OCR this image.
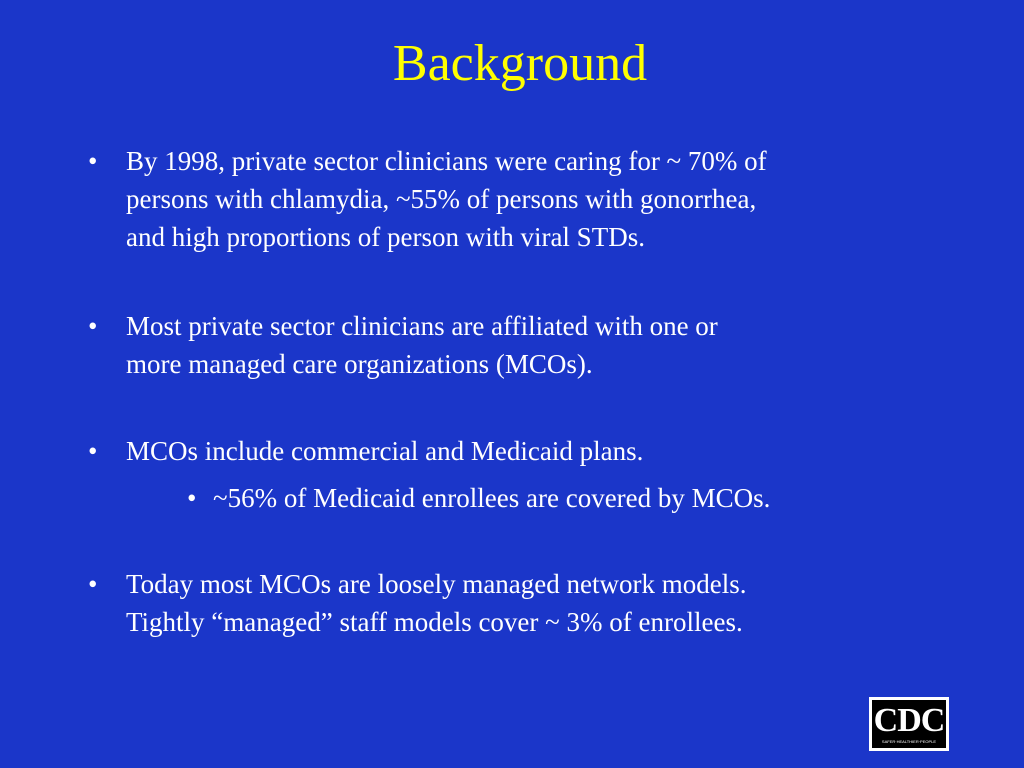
Background
• By 1998, private sector clinicians were caring for ~ 70% of
persons with chlamydia, ~55% of persons with gonorrhea,
and high proportions of person with viral STDs.
• Most private sector clinicians are affiliated with one or
more managed care organizations (MCOs).
• MCOs include commercial and Medicaid plans.
• ~56% of Medicaid enrollees are covered by MCOs.
• Today most MCOs are loosely managed network models.
Tightly “managed” staff models cover ~ 3% of enrollees.
CDC
SAFER·HEALTHIER·PEOPLE
